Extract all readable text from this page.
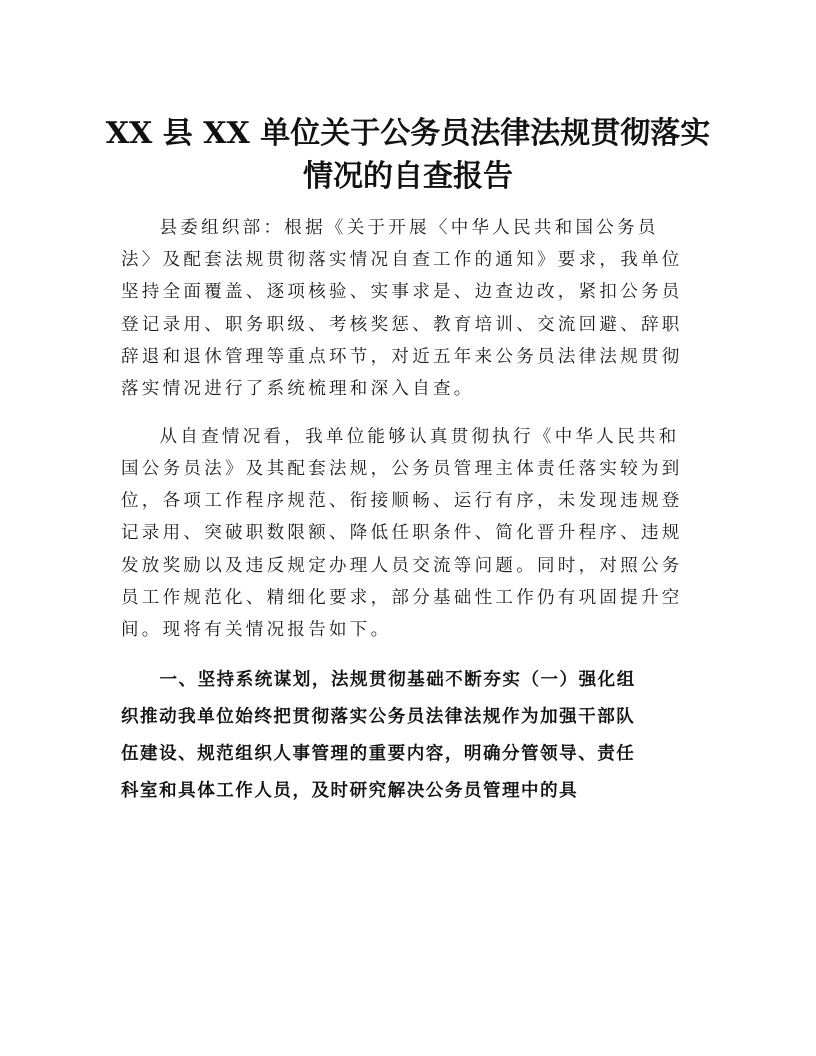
XX 县 XX 单位关于公务员法律法规贯彻落实
情况的自查报告
县委组织部：根据《关于开展〈中华人民共和国公务员
法〉及配套法规贯彻落实情况自查工作的通知》要求，我单位
坚持全面覆盖、逐项核验、实事求是、边查边改，紧扣公务员
登记录用、职务职级、考核奖惩、教育培训、交流回避、辞职
辞退和退休管理等重点环节，对近五年来公务员法律法规贯彻
落实情况进行了系统梳理和深入自查。
从自查情况看，我单位能够认真贯彻执行《中华人民共和
国公务员法》及其配套法规，公务员管理主体责任落实较为到
位，各项工作程序规范、衔接顺畅、运行有序，未发现违规登
记录用、突破职数限额、降低任职条件、简化晋升程序、违规
发放奖励以及违反规定办理人员交流等问题。同时，对照公务
员工作规范化、精细化要求，部分基础性工作仍有巩固提升空
间。现将有关情况报告如下。
一、坚持系统谋划，法规贯彻基础不断夯实（一）强化组
织推动我单位始终把贯彻落实公务员法律法规作为加强干部队
伍建设、规范组织人事管理的重要内容，明确分管领导、责任
科室和具体工作人员，及时研究解决公务员管理中的具
